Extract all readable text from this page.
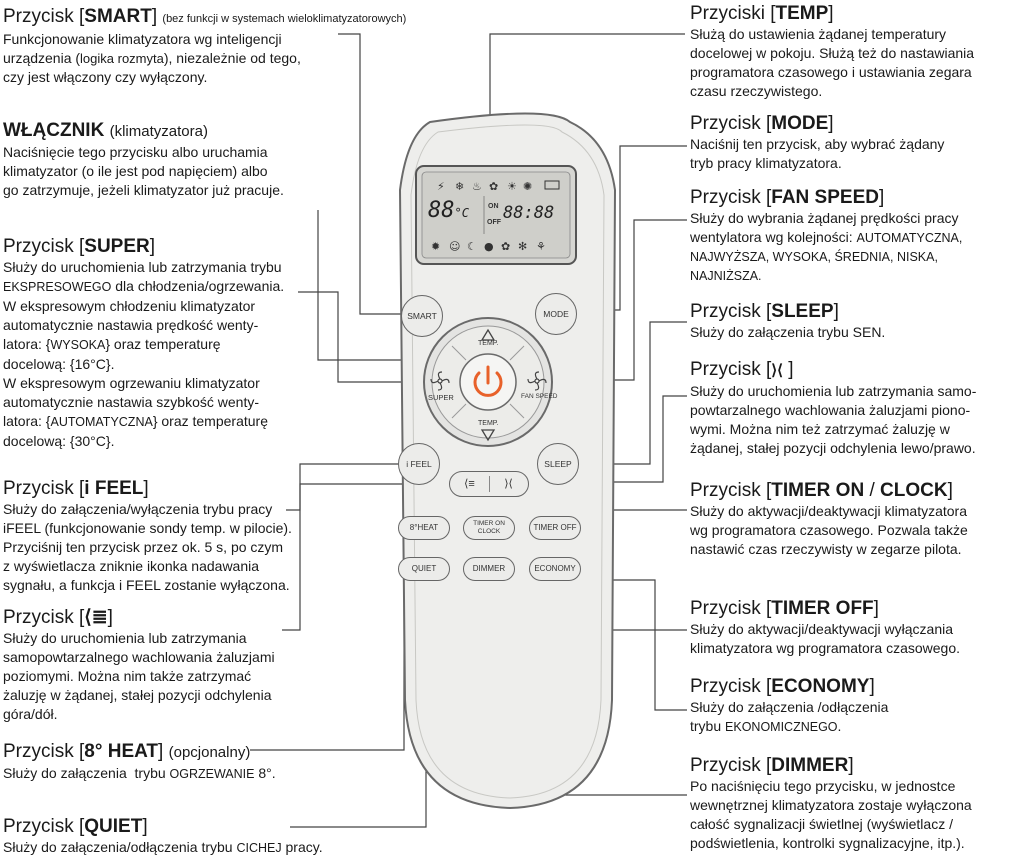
⚡ ❄ ♨ ✿ ☀ ✺
✹ ☺ ☾ ● ✿ ✻ ⚘
88°C	ON
OFF 88:88
SMART	MODE
TEMP.
TEMP.
SUPER	FAN SPEED
i FEEL	SLEEP
⟨≡	⟩⟨
8°HEAT	TIMER ON
CLOCK	TIMER OFF
QUIET	DIMMER	ECONOMY
Przycisk [SMART] (bez funkcji w systemach wieloklimatyzatorowych)
Funkcjonowanie klimatyzatora wg inteligencji
urządzenia (logika rozmyta), niezależnie od tego,
czy jest włączony czy wyłączony.
WŁĄCZNIK (klimatyzatora)
Naciśnięcie tego przycisku albo uruchamia
klimatyzator (o ile jest pod napięciem) albo
go zatrzymuje, jeżeli klimatyzator już pracuje.
Przycisk [SUPER]
Służy do uruchomienia lub zatrzymania trybu
EKSPRESOWEGO dla chłodzenia/ogrzewania.
W ekspresowym chłodzeniu klimatyzator
automatycznie nastawia prędkość wenty-
latora: {WYSOKA} oraz temperaturę
docelową: {16°C}.
W ekspresowym ogrzewaniu klimatyzator
automatycznie nastawia szybkość wenty-
latora: {AUTOMATYCZNA} oraz temperaturę
docelową: {30°C}.
Przycisk [i FEEL]
Służy do załączenia/wyłączenia trybu pracy
iFEEL (funkcjonowanie sondy temp. w pilocie).
Przyciśnij ten przycisk przez ok. 5 s, po czym
z wyświetlacza zniknie ikonka nadawania
sygnału, a funkcja i FEEL zostanie wyłączona.
Przycisk [⟨≣]
Służy do uruchomienia lub zatrzymania
samopowtarzalnego wachlowania żaluzjami
poziomymi. Można nim także zatrzymać
żaluzję w żądanej, stałej pozycji odchylenia
góra/dół.
Przycisk [8° HEAT] (opcjonalny)
Służy do załączenia  trybu OGRZEWANIE 8°.
Przycisk [QUIET]
Służy do załączenia/odłączenia trybu CICHEJ pracy.
Przyciski [TEMP]
Służą do ustawienia żądanej temperatury
docelowej w pokoju. Służą też do nastawiania
programatora czasowego i ustawiania zegara
czasu rzeczywistego.
Przycisk [MODE]
Naciśnij ten przycisk, aby wybrać żądany
tryb pracy klimatyzatora.
Przycisk [FAN SPEED]
Służy do wybrania żądanej prędkości pracy
wentylatora wg kolejności: AUTOMATYCZNA,
NAJWYŻSZA, WYSOKA, ŚREDNIA, NISKA,
NAJNIŻSZA.
Przycisk [SLEEP]
Służy do załączenia trybu SEN.
Przycisk [⟩⟨ ]
Służy do uruchomienia lub zatrzymania samo-
powtarzalnego wachlowania żaluzjami piono-
wymi. Można nim też zatrzymać żaluzję w
żądanej, stałej pozycji odchylenia lewo/prawo.
Przycisk [TIMER ON / CLOCK]
Służy do aktywacji/deaktywacji klimatyzatora
wg programatora czasowego. Pozwala także
nastawić czas rzeczywisty w zegarze pilota.
Przycisk [TIMER OFF]
Służy do aktywacji/deaktywacji wyłączania
klimatyzatora wg programatora czasowego.
Przycisk [ECONOMY]
Służy do załączenia /odłączenia
trybu EKONOMICZNEGO.
Przycisk [DIMMER]
Po naciśnięciu tego przycisku, w jednostce
wewnętrznej klimatyzatora zostaje wyłączona
całość sygnalizacji świetlnej (wyświetlacz /
podświetlenia, kontrolki sygnalizacyjne, itp.).
